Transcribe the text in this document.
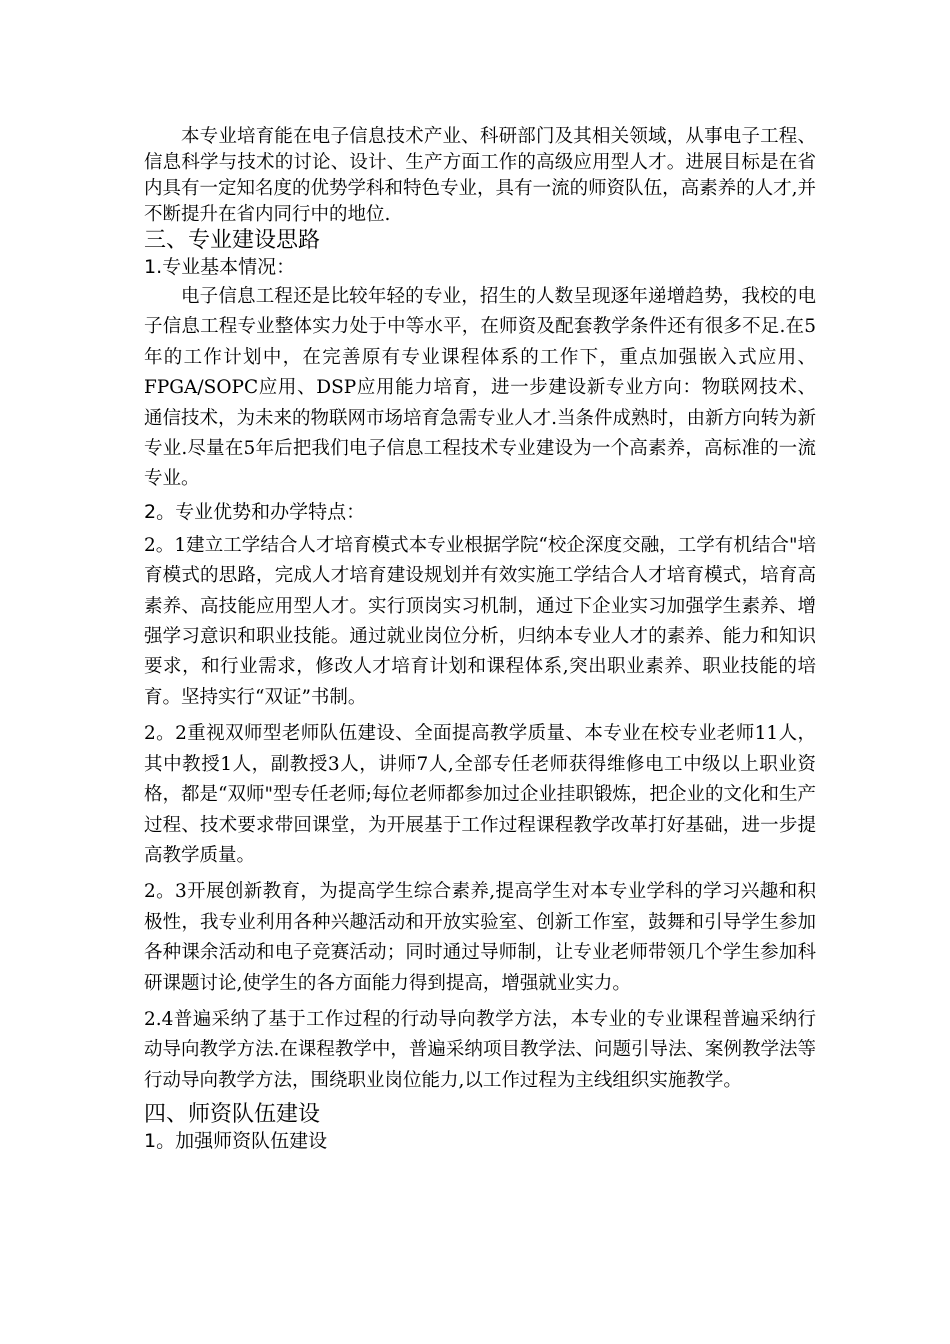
本专业培育能在电子信息技术产业、科研部门及其相关领域，从事电子工程、信息科学与技术的讨论、设计、生产方面工作的高级应用型人才。进展目标是在省内具有一定知名度的优势学科和特色专业，具有一流的师资队伍，高素养的人才,并不断提升在省内同行中的地位.

三、专业建设思路
1.专业基本情况：

电子信息工程还是比较年轻的专业，招生的人数呈现逐年递增趋势，我校的电子信息工程专业整体实力处于中等水平，在师资及配套教学条件还有很多不足.在5年的工作计划中，在完善原有专业课程体系的工作下，重点加强嵌入式应用、FPGA/SOPC应用、DSP应用能力培育，进一步建设新专业方向：物联网技术、通信技术，为未来的物联网市场培育急需专业人才.当条件成熟时，由新方向转为新专业.尽量在5年后把我们电子信息工程技术专业建设为一个高素养，高标准的一流专业。

2。专业优势和办学特点：

2。1建立工学结合人才培育模式本专业根据学院“校企深度交融，工学有机结合"培育模式的思路，完成人才培育建设规划并有效实施工学结合人才培育模式，培育高素养、高技能应用型人才。实行顶岗实习机制，通过下企业实习加强学生素养、增强学习意识和职业技能。通过就业岗位分析，归纳本专业人才的素养、能力和知识要求，和行业需求，修改人才培育计划和课程体系,突出职业素养、职业技能的培育。坚持实行“双证”书制。

2。2重视双师型老师队伍建设、全面提高教学质量、本专业在校专业老师11人，其中教授1人，副教授3人，讲师7人,全部专任老师获得维修电工中级以上职业资格，都是“双师"型专任老师;每位老师都参加过企业挂职锻炼，把企业的文化和生产过程、技术要求带回课堂，为开展基于工作过程课程教学改革打好基础，进一步提高教学质量。

2。3开展创新教育，为提高学生综合素养,提高学生对本专业学科的学习兴趣和积极性，我专业利用各种兴趣活动和开放实验室、创新工作室，鼓舞和引导学生参加各种课余活动和电子竞赛活动；同时通过导师制，让专业老师带领几个学生参加科研课题讨论,使学生的各方面能力得到提高，增强就业实力。

2.4普遍采纳了基于工作过程的行动导向教学方法，本专业的专业课程普遍采纳行动导向教学方法.在课程教学中，普遍采纳项目教学法、问题引导法、案例教学法等行动导向教学方法，围绕职业岗位能力,以工作过程为主线组织实施教学。

四、师资队伍建设
1。加强师资队伍建设
